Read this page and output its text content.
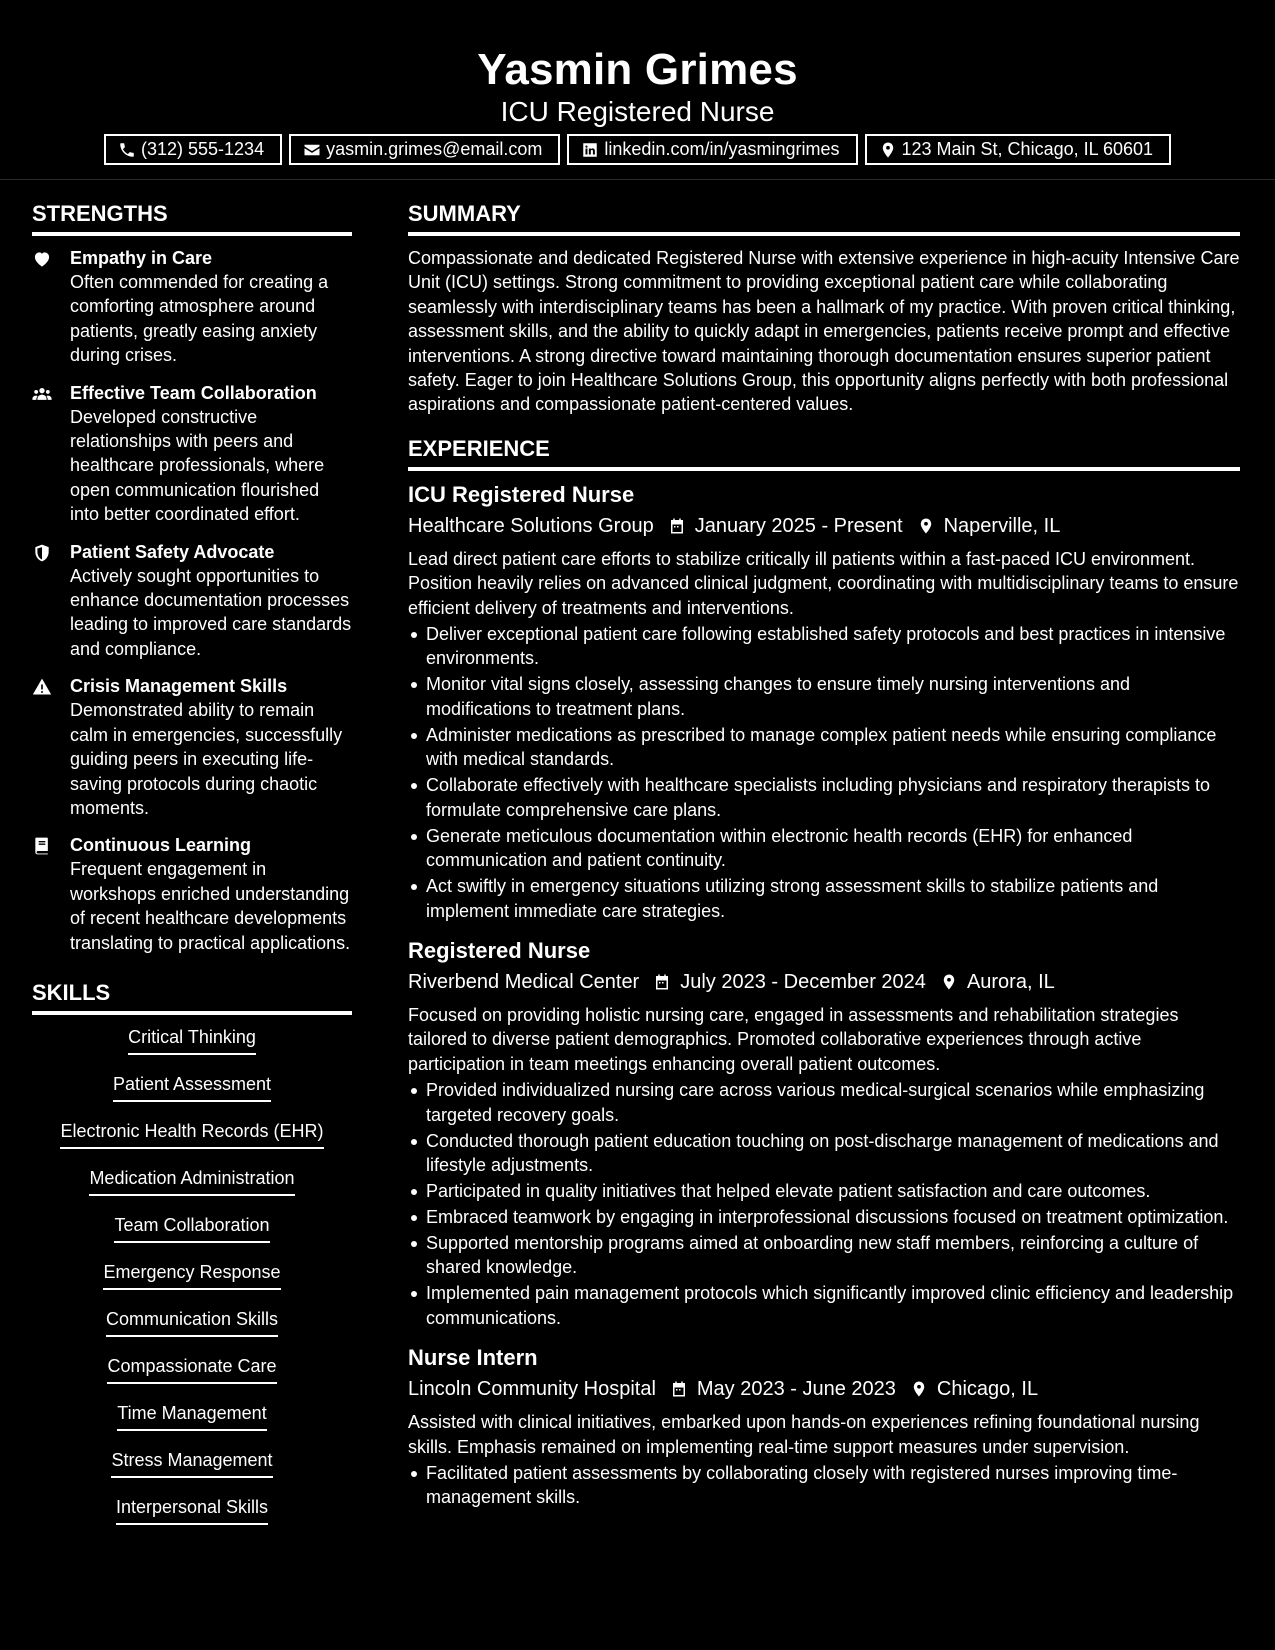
Yasmin Grimes
ICU Registered Nurse
(312) 555-1234	yasmin.grimes@email.com	linkedin.com/in/yasmingrimes	123 Main St, Chicago, IL 60601
STRENGTHS
Empathy in Care
Often commended for creating a comforting atmosphere around patients, greatly easing anxiety during crises.
Effective Team Collaboration
Developed constructive relationships with peers and healthcare professionals, where open communication flourished into better coordinated effort.
Patient Safety Advocate
Actively sought opportunities to enhance documentation processes leading to improved care standards and compliance.
Crisis Management Skills
Demonstrated ability to remain calm in emergencies, successfully guiding peers in executing life-saving protocols during chaotic moments.
Continuous Learning
Frequent engagement in workshops enriched understanding of recent healthcare developments translating to practical applications.
SKILLS
Critical Thinking
Patient Assessment
Electronic Health Records (EHR)
Medication Administration
Team Collaboration
Emergency Response
Communication Skills
Compassionate Care
Time Management
Stress Management
Interpersonal Skills
SUMMARY
Compassionate and dedicated Registered Nurse with extensive experience in high-acuity Intensive Care Unit (ICU) settings. Strong commitment to providing exceptional patient care while collaborating seamlessly with interdisciplinary teams has been a hallmark of my practice. With proven critical thinking, assessment skills, and the ability to quickly adapt in emergencies, patients receive prompt and effective interventions. A strong directive toward maintaining thorough documentation ensures superior patient safety. Eager to join Healthcare Solutions Group, this opportunity aligns perfectly with both professional aspirations and compassionate patient-centered values.
EXPERIENCE
ICU Registered Nurse
Healthcare Solutions Group January 2025 - Present Naperville, IL
Lead direct patient care efforts to stabilize critically ill patients within a fast-paced ICU environment. Position heavily relies on advanced clinical judgment, coordinating with multidisciplinary teams to ensure efficient delivery of treatments and interventions.
Deliver exceptional patient care following established safety protocols and best practices in intensive environments.
Monitor vital signs closely, assessing changes to ensure timely nursing interventions and modifications to treatment plans.
Administer medications as prescribed to manage complex patient needs while ensuring compliance with medical standards.
Collaborate effectively with healthcare specialists including physicians and respiratory therapists to formulate comprehensive care plans.
Generate meticulous documentation within electronic health records (EHR) for enhanced communication and patient continuity.
Act swiftly in emergency situations utilizing strong assessment skills to stabilize patients and implement immediate care strategies.
Registered Nurse
Riverbend Medical Center July 2023 - December 2024 Aurora, IL
Focused on providing holistic nursing care, engaged in assessments and rehabilitation strategies tailored to diverse patient demographics. Promoted collaborative experiences through active participation in team meetings enhancing overall patient outcomes.
Provided individualized nursing care across various medical-surgical scenarios while emphasizing targeted recovery goals.
Conducted thorough patient education touching on post-discharge management of medications and lifestyle adjustments.
Participated in quality initiatives that helped elevate patient satisfaction and care outcomes.
Embraced teamwork by engaging in interprofessional discussions focused on treatment optimization.
Supported mentorship programs aimed at onboarding new staff members, reinforcing a culture of shared knowledge.
Implemented pain management protocols which significantly improved clinic efficiency and leadership communications.
Nurse Intern
Lincoln Community Hospital May 2023 - June 2023 Chicago, IL
Assisted with clinical initiatives, embarked upon hands-on experiences refining foundational nursing skills. Emphasis remained on implementing real-time support measures under supervision.
Facilitated patient assessments by collaborating closely with registered nurses improving time-management skills.
